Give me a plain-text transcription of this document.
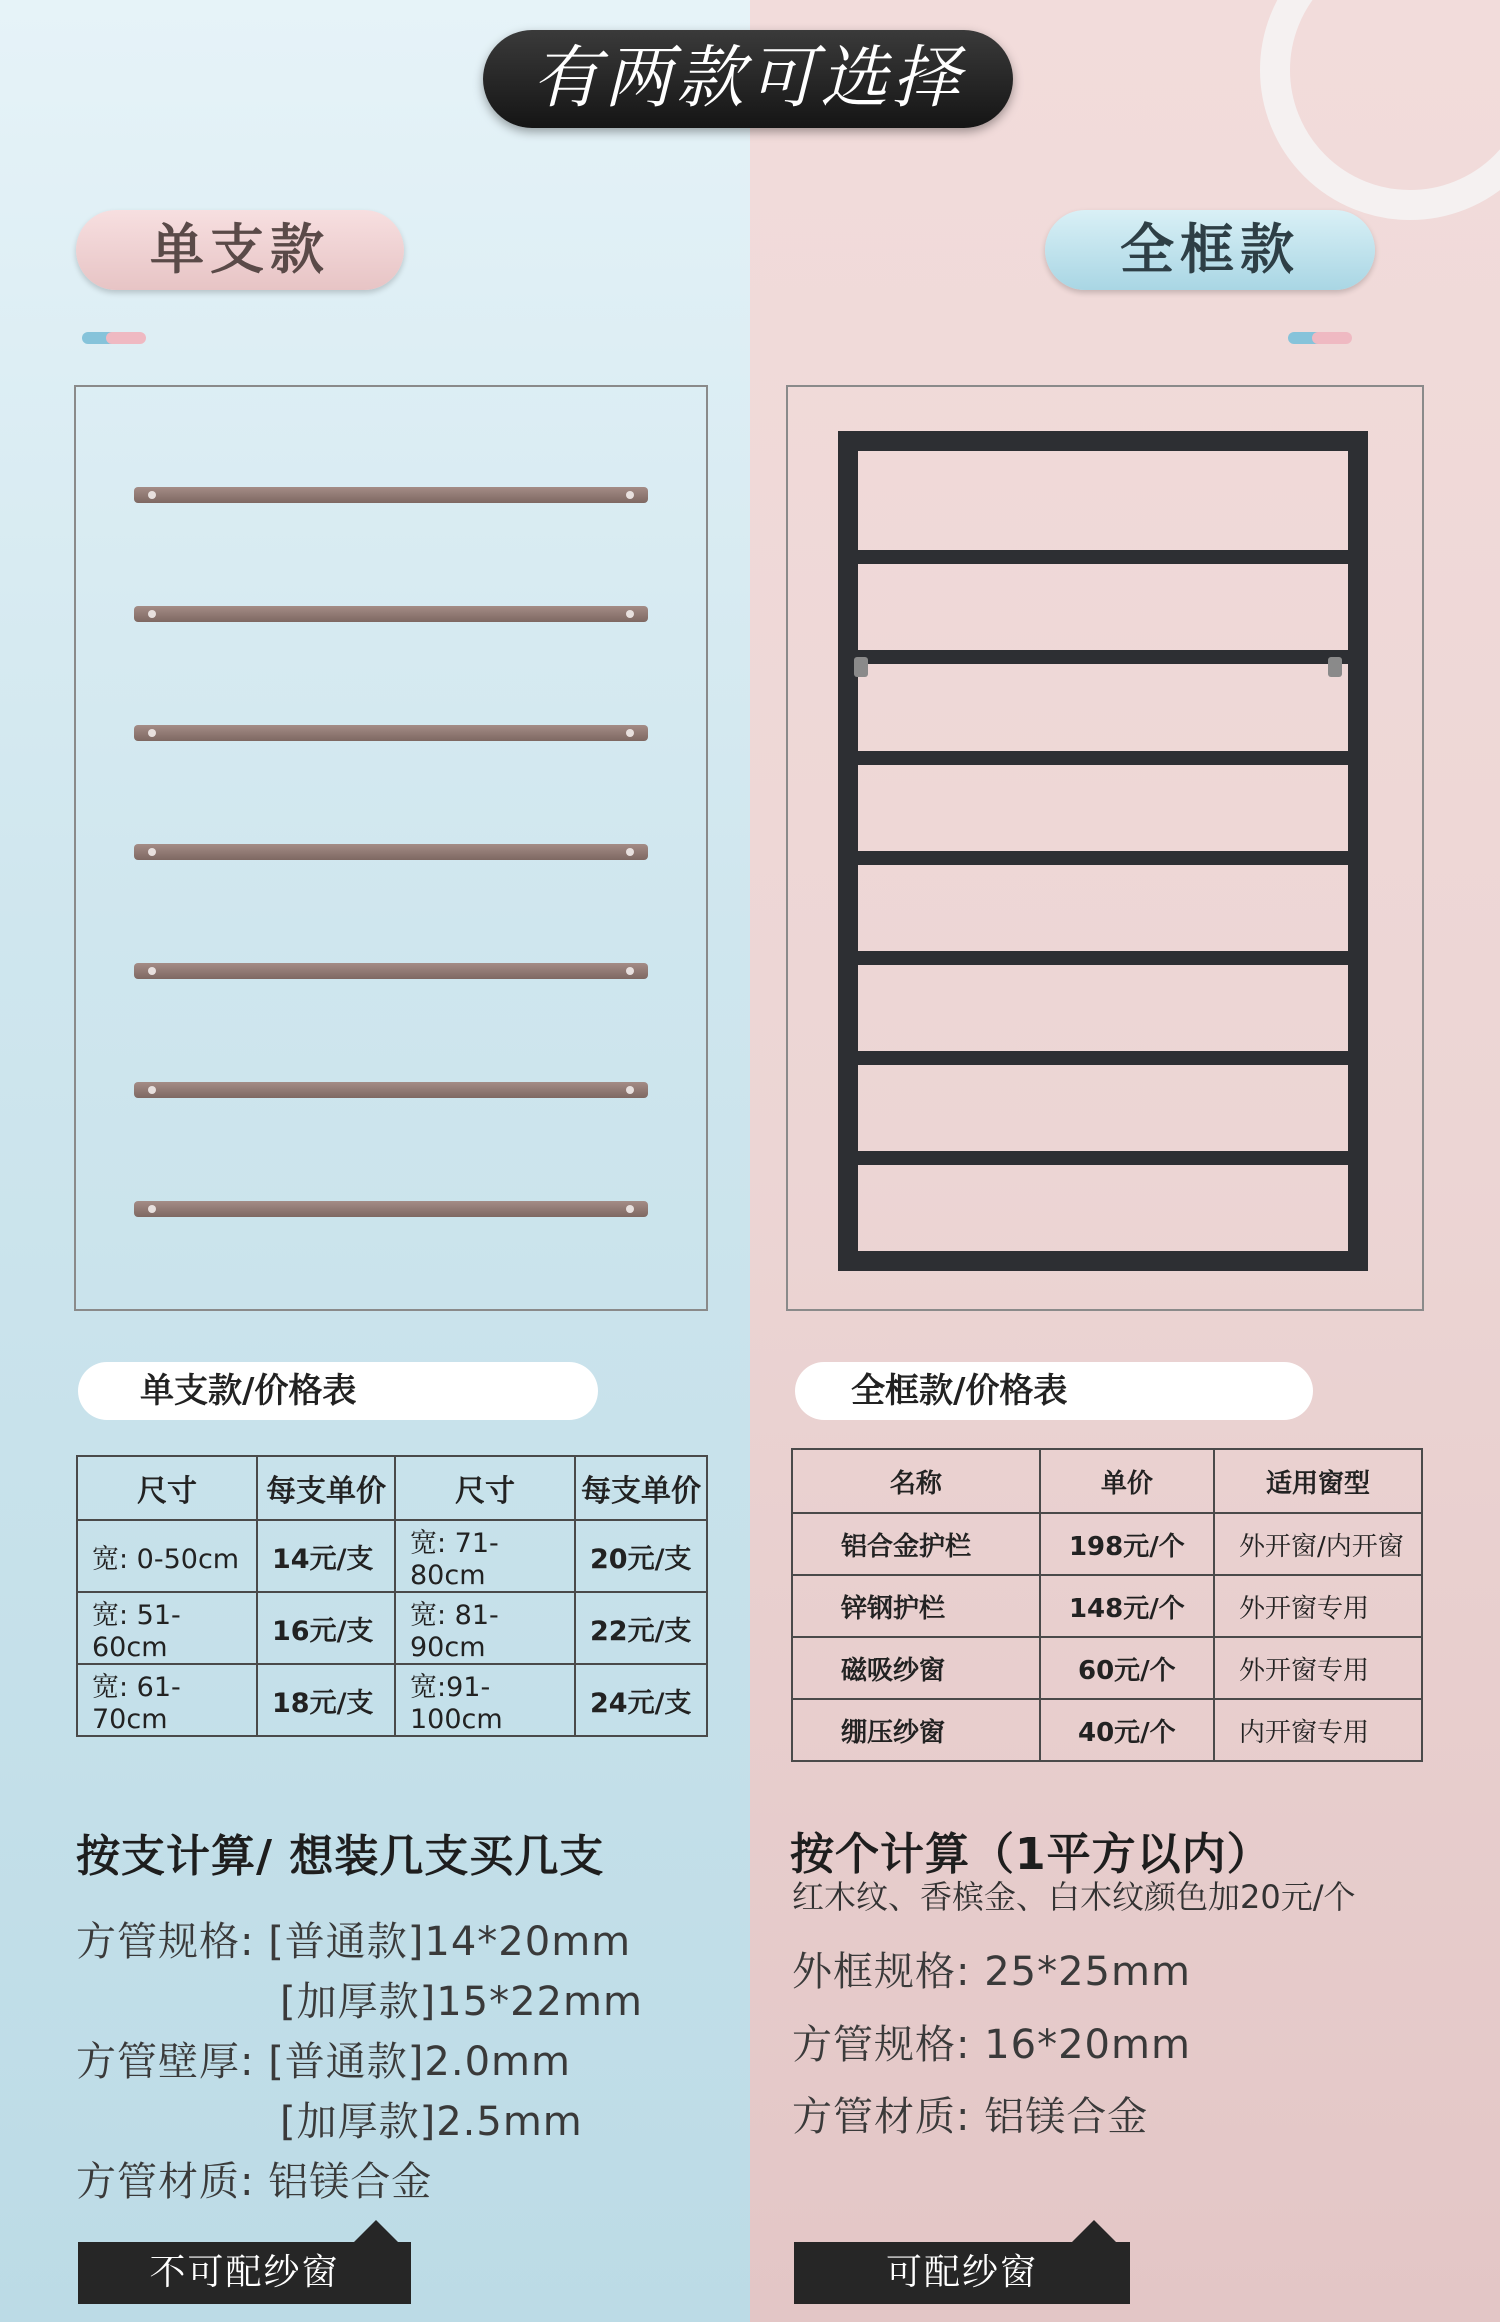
有两款可选择
单支款	全框款
单支款/价格表	全框款/价格表
尺寸	每支单价	尺寸	每支单价
宽: 0-50cm	14元/支	宽: 71-80cm	20元/支
宽: 51-60cm	16元/支	宽: 81-90cm	22元/支
宽: 61-70cm	18元/支	宽:91-100cm	24元/支
名称	单价	适用窗型
铝合金护栏	198元/个	外开窗/内开窗
锌钢护栏	148元/个	外开窗专用
磁吸纱窗	60元/个	外开窗专用
绷压纱窗	40元/个	内开窗专用
按支计算/ 想装几支买几支
方管规格: [普通款]14*20mm
[加厚款]15*22mm
方管壁厚: [普通款]2.0mm
[加厚款]2.5mm
方管材质: 铝镁合金
按个计算（1平方以内）
红木纹、香槟金、白木纹颜色加20元/个
外框规格: 25*25mm
方管规格: 16*20mm
方管材质: 铝镁合金
不可配纱窗	可配纱窗
